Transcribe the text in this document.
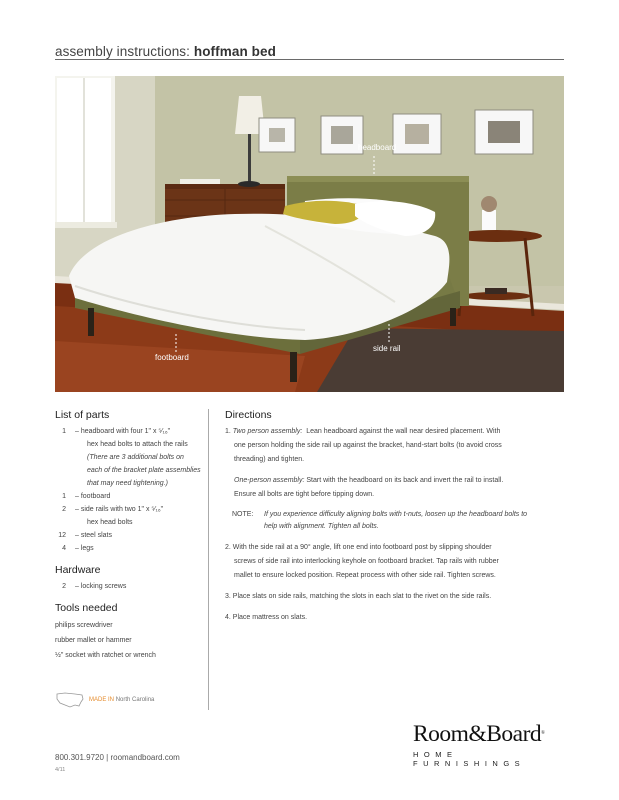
assembly instructions: hoffman bed
headboard
footboard
side rail
List of parts
1 – headboard with four 1" x ⁵⁄₁₆"
hex head bolts to attach the rails
(There are 3 additional bolts on
each of the bracket plate assemblies
that may need tightening.)
1 – footboard
2 – side rails with two 1" x ⁵⁄₁₆"
hex head bolts
12 – steel slats
4 – legs
Hardware
2 – locking screws
Tools needed
philips screwdriver
rubber mallet or hammer
½" socket with ratchet or wrench
MADE IN North Carolina
Directions
1. Two person assembly: Lean headboard against the wall near desired placement. With
one person holding the side rail up against the bracket, hand-start bolts (to avoid cross
threading) and tighten.
One-person assembly: Start with the headboard on its back and invert the rail to install.
Ensure all bolts are tight before tipping down.
NOTE: If you experience difficulty aligning bolts with t-nuts, loosen up the headboard bolts to
help with alignment. Tighten all bolts.
2. With the side rail at a 90° angle, lift one end into footboard post by slipping shoulder
screws of side rail into interlocking keyhole on footboard bracket. Tap rails with rubber
mallet to ensure locked position. Repeat process with other side rail. Tighten screws.
3. Place slats on side rails, matching the slots in each slat to the rivet on the side rails.
4. Place mattress on slats.
Room&Board®
HOME FURNISHINGS
800.301.9720 | roomandboard.com
4/11
